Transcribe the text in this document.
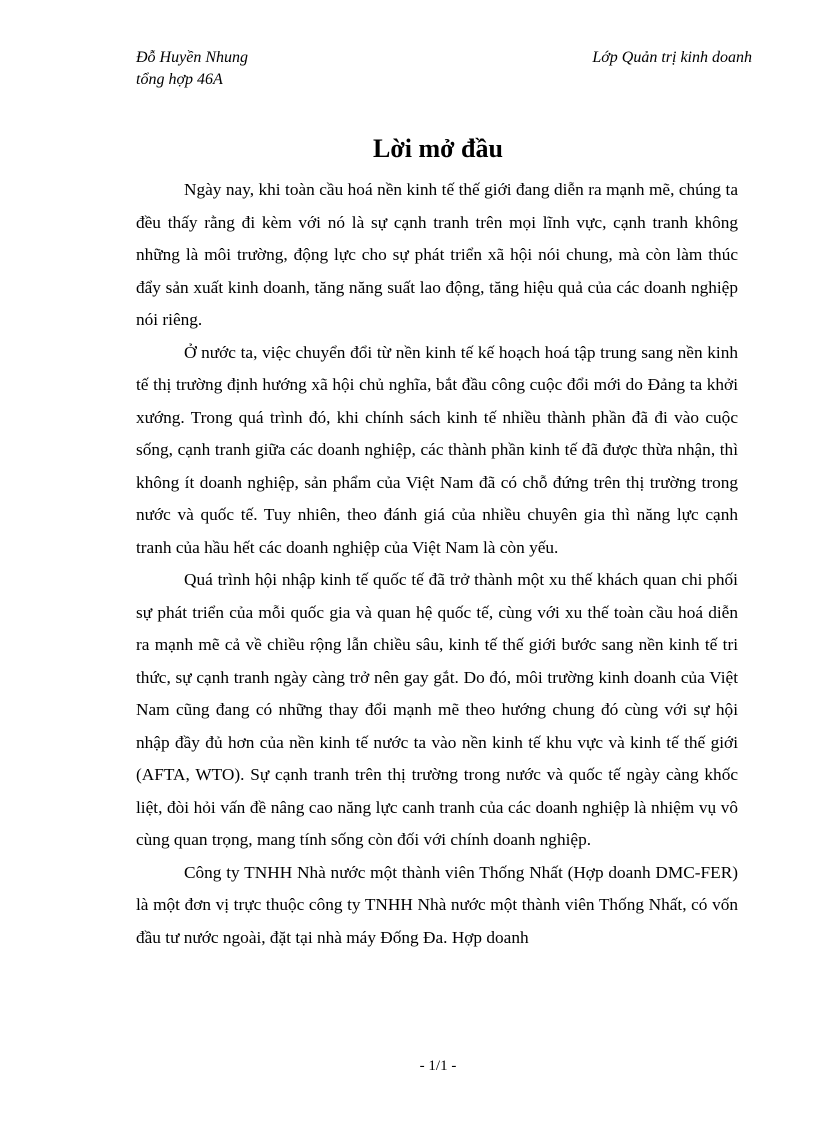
Đỗ Huyền Nhung
tổng hợp 46A
Lớp Quản trị kinh doanh
Lời mở đầu

Ngày nay, khi toàn cầu hoá nền kinh tế thế giới đang diễn ra mạnh mẽ, chúng ta đều thấy rằng đi kèm với nó là sự cạnh tranh trên mọi lĩnh vực, cạnh tranh không những là môi trường, động lực cho sự phát triển xã hội nói chung, mà còn làm thúc đẩy sản xuất kinh doanh, tăng năng suất lao động, tăng hiệu quả của các doanh nghiệp nói riêng.

Ở nước ta, việc chuyển đổi từ nền kinh tế kế hoạch hoá tập trung sang nền kinh tế thị trường định hướng xã hội chủ nghĩa, bắt đầu công cuộc đổi mới do Đảng ta khởi xướng. Trong quá trình đó, khi chính sách kinh tế nhiều thành phần đã đi vào cuộc sống, cạnh tranh giữa các doanh nghiệp, các thành phần kinh tế đã được thừa nhận, thì không ít doanh nghiệp, sản phẩm của Việt Nam đã có chỗ đứng trên thị trường trong nước và quốc tế. Tuy nhiên, theo đánh giá của nhiều chuyên gia thì năng lực cạnh tranh của hầu hết các doanh nghiệp của Việt Nam là còn yếu.

Quá trình hội nhập kinh tế quốc tế đã trở thành một xu thế khách quan chi phối sự phát triển của mỗi quốc gia và quan hệ quốc tế, cùng với xu thế toàn cầu hoá diễn ra mạnh mẽ cả về chiều rộng lẫn chiều sâu, kinh tế thế giới bước sang nền kinh tế tri thức, sự cạnh tranh ngày càng trở nên gay gắt. Do đó, môi trường kinh doanh của Việt Nam cũng đang có những thay đổi mạnh mẽ theo hướng chung đó cùng với sự hội nhập đầy đủ hơn của nền kinh tế nước ta vào nền kinh tế khu vực và kinh tế thế giới (AFTA, WTO). Sự cạnh tranh trên thị trường trong nước và quốc tế ngày càng khốc liệt, đòi hỏi vấn đề nâng cao năng lực canh tranh của các doanh nghiệp là nhiệm vụ vô cùng quan trọng, mang tính sống còn đối với chính doanh nghiệp.

Công ty TNHH Nhà nước một thành viên Thống Nhất (Hợp doanh DMC-FER) là một đơn vị trực thuộc công ty TNHH Nhà nước một thành viên Thống Nhất, có vốn đầu tư nước ngoài, đặt tại nhà máy Đống Đa. Hợp doanh

- 1/1 -
